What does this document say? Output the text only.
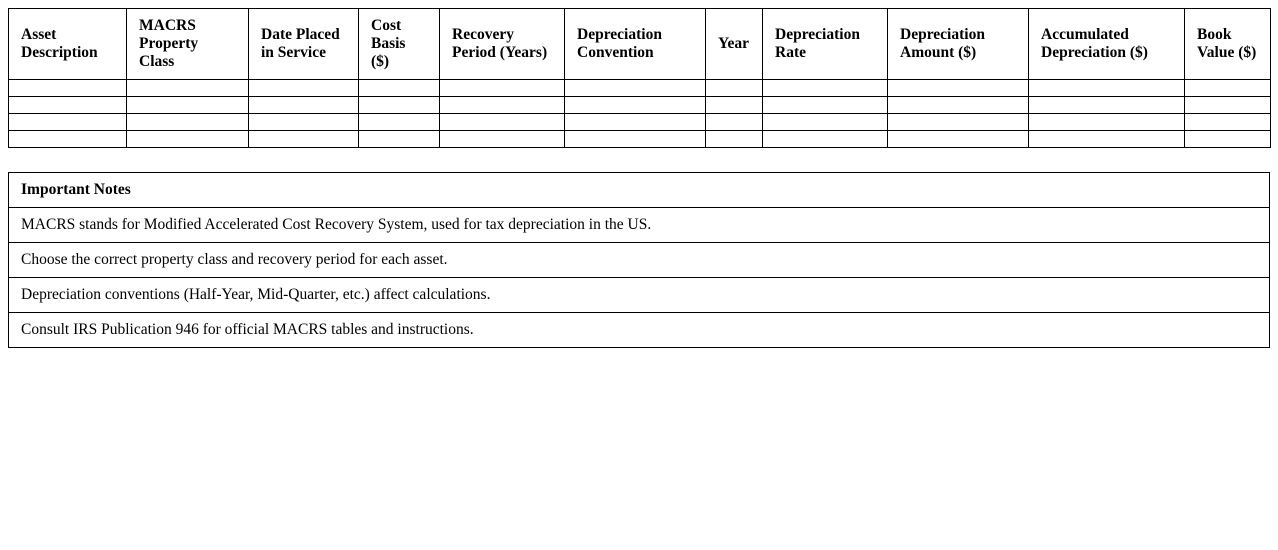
Asset Description	MACRS Property Class	Date Placed in Service	Cost Basis ($)	Recovery Period (Years)	Depreciation Convention	Year	Depreciation Rate	Depreciation Amount ($)	Accumulated Depreciation ($)	Book Value ($)

Important Notes
MACRS stands for Modified Accelerated Cost Recovery System, used for tax depreciation in the US.
Choose the correct property class and recovery period for each asset.
Depreciation conventions (Half-Year, Mid-Quarter, etc.) affect calculations.
Consult IRS Publication 946 for official MACRS tables and instructions.
